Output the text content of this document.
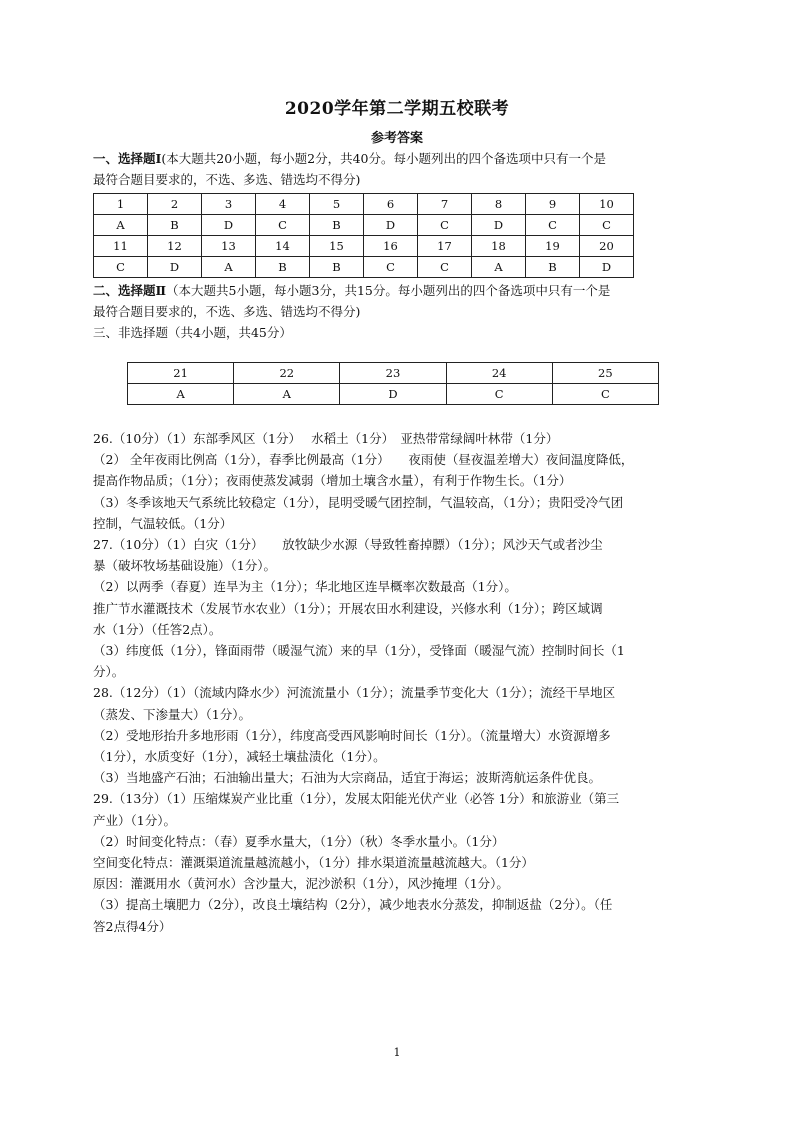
2020学年第二学期五校联考
参考答案

一、选择题Ⅰ(本大题共20小题，每小题2分，共40分。每小题列出的四个备选项中只有一个是

最符合题目要求的，不选、多选、错选均不得分)

1	2	3	4	5	6	7	8	9	10
A	B	D	C	B	D	C	D	C	C
11	12	13	14	15	16	17	18	19	20
C	D	A	B	B	C	C	A	B	D

二、选择题Ⅱ（本大题共5小题，每小题3分，共15分。每小题列出的四个备选项中只有一个是

最符合题目要求的，不选、多选、错选均不得分)

三、非选择题（共4小题，共45分）

21	22	23	24	25
A	A	D	C	C

26.（10分）（1）东部季风区（1分）　 水稻土（1分）　亚热带常绿阔叶林带（1分）

（2） 全年夜雨比例高（1分），春季比例最高（1分）　　夜雨使（昼夜温差增大）夜间温度降低，

提高作物品质；（1分）；夜雨使蒸发减弱（增加土壤含水量），有利于作物生长。（1分）

（3）冬季该地天气系统比较稳定（1分），昆明受暖气团控制，气温较高，（1分）；贵阳受冷气团

控制，气温较低。（1分）

27.（10分）（1）白灾（1分）　　放牧缺少水源（导致牲畜掉膘）（1分）；风沙天气或者沙尘

暴（破坏牧场基础设施）（1分）。

（2）以两季（春夏）连旱为主（1分）；华北地区连旱概率次数最高（1分）。

推广节水灌溉技术（发展节水农业）（1分）；开展农田水利建设，兴修水利（1分）；跨区域调

水（1分）（任答2点）。

（3）纬度低（1分），锋面雨带（暖湿气流）来的早（1分），受锋面（暖湿气流）控制时间长（1

分）。

28.（12分）（1）（流域内降水少）河流流量小（1分）；流量季节变化大（1分）；流经干旱地区

（蒸发、下渗量大）（1分）。

（2）受地形抬升多地形雨（1分），纬度高受西风影响时间长（1分）。（流量增大）水资源增多

（1分），水质变好（1分），减轻土壤盐渍化（1分）。

（3）当地盛产石油；石油输出量大；石油为大宗商品，适宜于海运；波斯湾航运条件优良。

29.（13分）（1）压缩煤炭产业比重（1分），发展太阳能光伏产业（必答 1分）和旅游业（第三

产业）（1分）。

（2）时间变化特点：（春）夏季水量大，（1分）（秋）冬季水量小。（1分）

空间变化特点：灌溉渠道流量越流越小，（1分）排水渠道流量越流越大。（1分）

原因：灌溉用水（黄河水）含沙量大，泥沙淤积（1分），风沙掩埋（1分）。

（3）提高土壤肥力（2分），改良土壤结构（2分），减少地表水分蒸发，抑制返盐（2分）。（任

答2点得4分）

1
